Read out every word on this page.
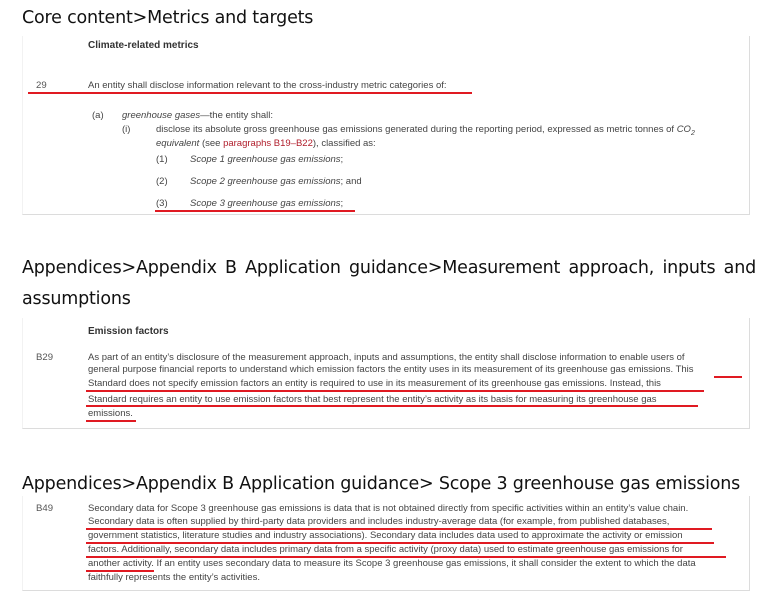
Core content>Metrics and targets
Climate-related metrics
29	An entity shall disclose information relevant to the cross-industry metric categories of:
(a) greenhouse gases—the entity shall:
(i)	disclose its absolute gross greenhouse gas emissions generated during the reporting period, expressed as metric tonnes of $CO_2$
equivalent (see paragraphs B19–B22), classified as:
(1) Scope 1 greenhouse gas emissions;
(2) Scope 2 greenhouse gas emissions; and
(3) Scope 3 greenhouse gas emissions;
Appendices>Appendix B Application guidance>Measurement approach, inputs and assumptions
Emission factors
B29	As part of an entity’s disclosure of the measurement approach, inputs and assumptions, the entity shall disclose information to enable users of
general purpose financial reports to understand which emission factors the entity uses in its measurement of its greenhouse gas emissions. This
Standard does not specify emission factors an entity is required to use in its measurement of its greenhouse gas emissions. Instead, this
Standard requires an entity to use emission factors that best represent the entity’s activity as its basis for measuring its greenhouse gas
emissions.
Appendices>Appendix B Application guidance> Scope 3 greenhouse gas emissions
B49	Secondary data for Scope 3 greenhouse gas emissions is data that is not obtained directly from specific activities within an entity’s value chain.
Secondary data is often supplied by third-party data providers and includes industry-average data (for example, from published databases,
government statistics, literature studies and industry associations). Secondary data includes data used to approximate the activity or emission
factors. Additionally, secondary data includes primary data from a specific activity (proxy data) used to estimate greenhouse gas emissions for
another activity. If an entity uses secondary data to measure its Scope 3 greenhouse gas emissions, it shall consider the extent to which the data
faithfully represents the entity’s activities.
